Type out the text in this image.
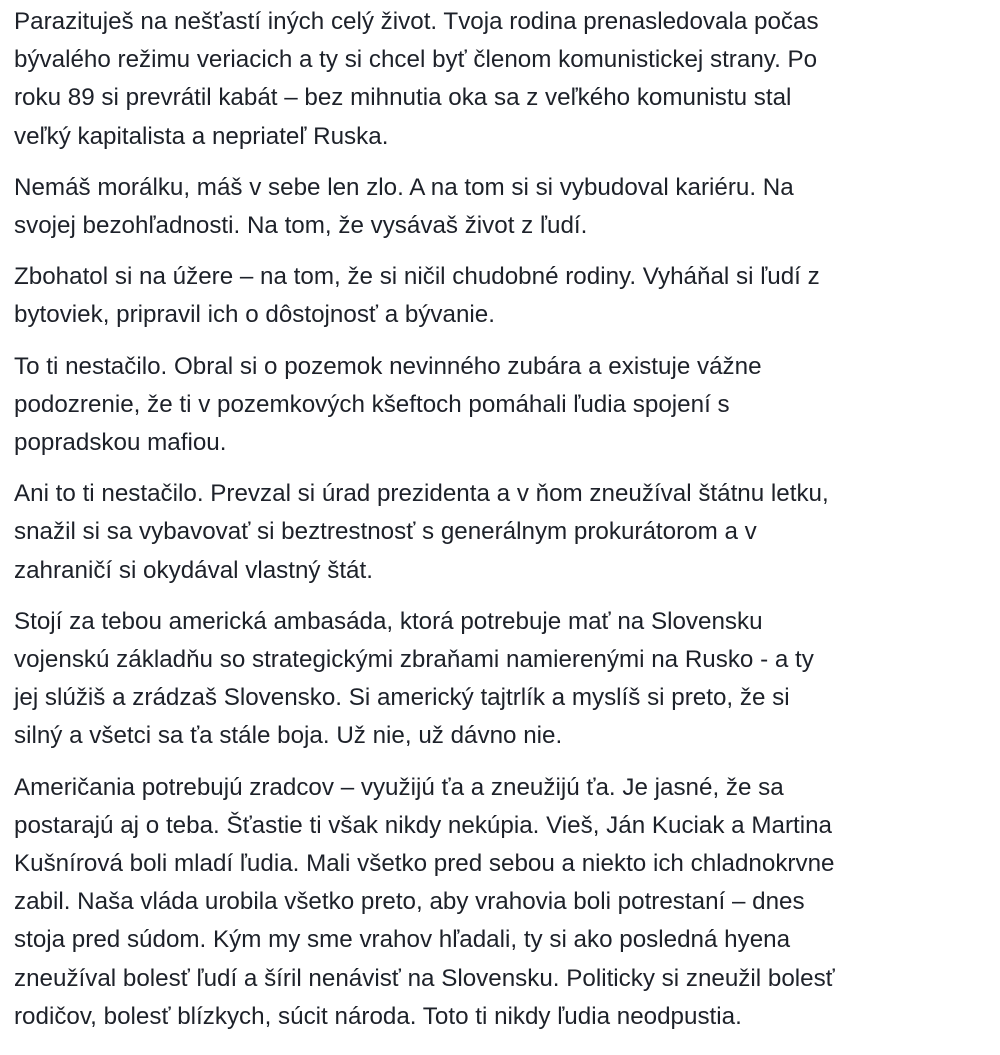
Parazituješ na nešťastí iných celý život. Tvoja rodina prenasledovala počas
bývalého režimu veriacich a ty si chcel byť členom komunistickej strany. Po
roku 89 si prevrátil kabát – bez mihnutia oka sa z veľkého komunistu stal
veľký kapitalista a nepriateľ Ruska.

Nemáš morálku, máš v sebe len zlo. A na tom si si vybudoval kariéru. Na
svojej bezohľadnosti. Na tom, že vysávaš život z ľudí.

Zbohatol si na úžere – na tom, že si ničil chudobné rodiny. Vyháňal si ľudí z
bytoviek, pripravil ich o dôstojnosť a bývanie.

To ti nestačilo. Obral si o pozemok nevinného zubára a existuje vážne
podozrenie, že ti v pozemkových kšeftoch pomáhali ľudia spojení s
popradskou mafiou.

Ani to ti nestačilo. Prevzal si úrad prezidenta a v ňom zneužíval štátnu letku,
snažil si sa vybavovať si beztrestnosť s generálnym prokurátorom a v
zahraničí si okydával vlastný štát.

Stojí za tebou americká ambasáda, ktorá potrebuje mať na Slovensku
vojenskú základňu so strategickými zbraňami namierenými na Rusko - a ty
jej slúžiš a zrádzaš Slovensko. Si americký tajtrlík a myslíš si preto, že si
silný a všetci sa ťa stále boja. Už nie, už dávno nie.

Američania potrebujú zradcov – využijú ťa a zneužijú ťa. Je jasné, že sa
postarajú aj o teba. Šťastie ti však nikdy nekúpia. Vieš, Ján Kuciak a Martina
Kušnírová boli mladí ľudia. Mali všetko pred sebou a niekto ich chladnokrvne
zabil. Naša vláda urobila všetko preto, aby vrahovia boli potrestaní – dnes
stoja pred súdom. Kým my sme vrahov hľadali, ty si ako posledná hyena
zneužíval bolesť ľudí a šíril nenávisť na Slovensku. Politicky si zneužil bolesť
rodičov, bolesť blízkych, súcit národa. Toto ti nikdy ľudia neodpustia.
